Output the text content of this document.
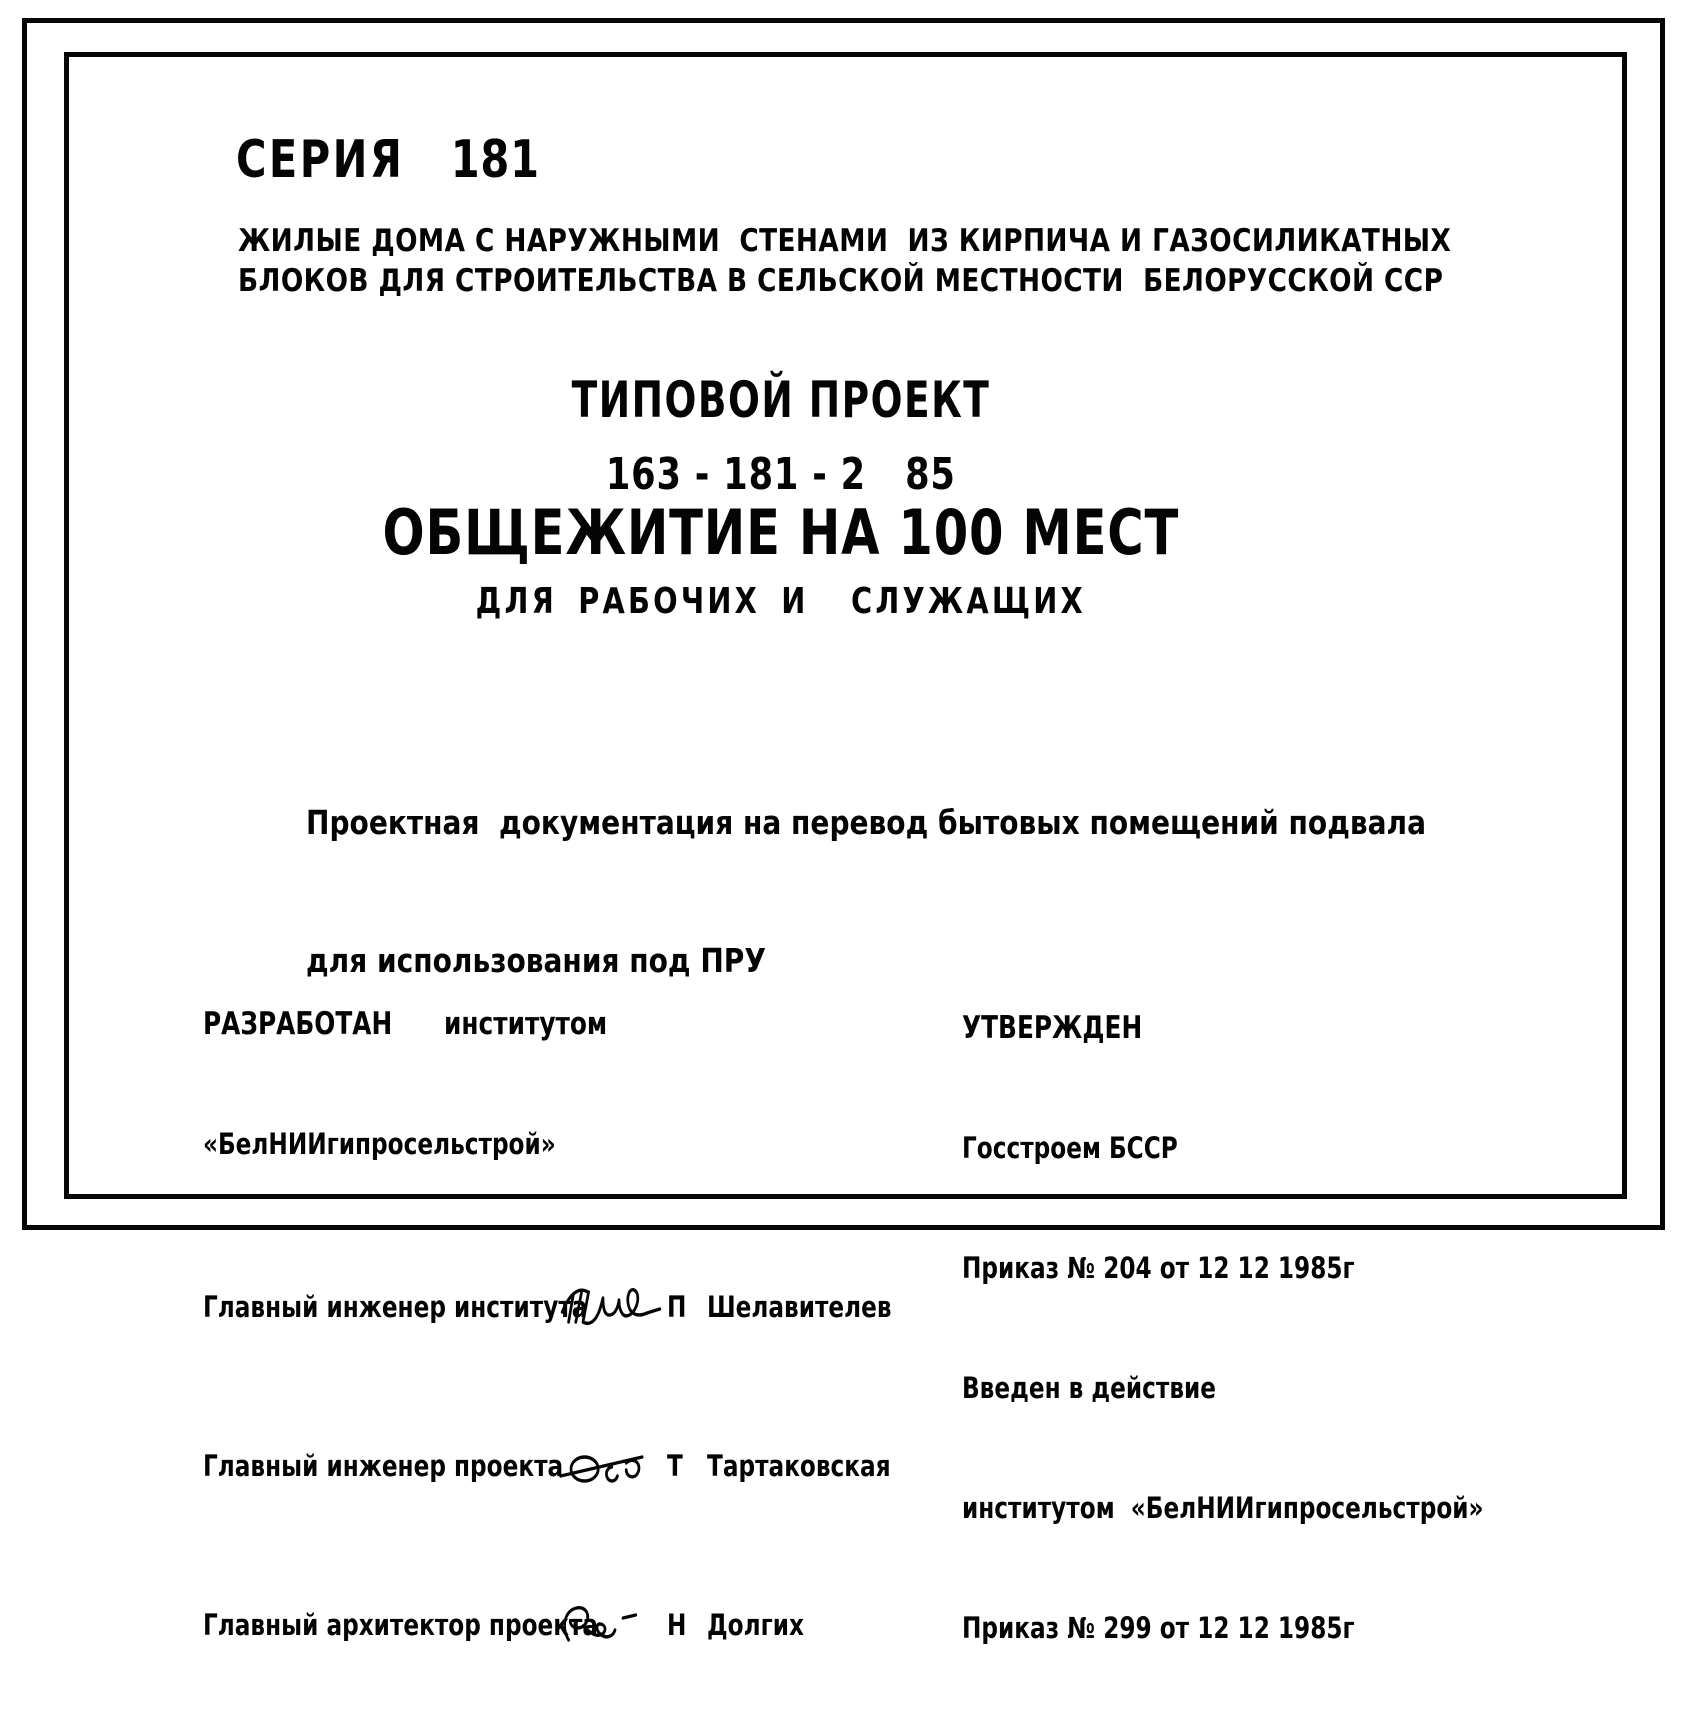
СЕРИЯ 181
ЖИЛЫЕ ДОМА С НАРУЖНЫМИ  СТЕНАМИ  ИЗ КИРПИЧА И ГАЗОСИЛИКАТНЫХ
БЛОКОВ ДЛЯ СТРОИТЕЛЬСТВА В СЕЛЬСКОЙ МЕСТНОСТИ  БЕЛОРУССКОЙ ССР
ТИПОВОЙ ПРОЕКТ
163 - 181 - 2   85
ОБЩЕЖИТИЕ НА 100 МЕСТ
ДЛЯ РАБОЧИХ И  СЛУЖАЩИХ

Проектная  документация на перевод бытовых помещений подвала

для использования под ПРУ

РАЗРАБОТАН      институтом

«БелНИИгипросельстрой»

Главный инженер института	П Шелавителев

Главный инженер проекта	Т Тартаковская

Главный архитектор проекта Н Долгих

УТВЕРЖДЕН

Госстроем БССР

Приказ № 204 от 12 12 1985г

Введен в действие

институтом  «БелНИИгипросельстрой»

Приказ № 299 от 12 12 1985г
